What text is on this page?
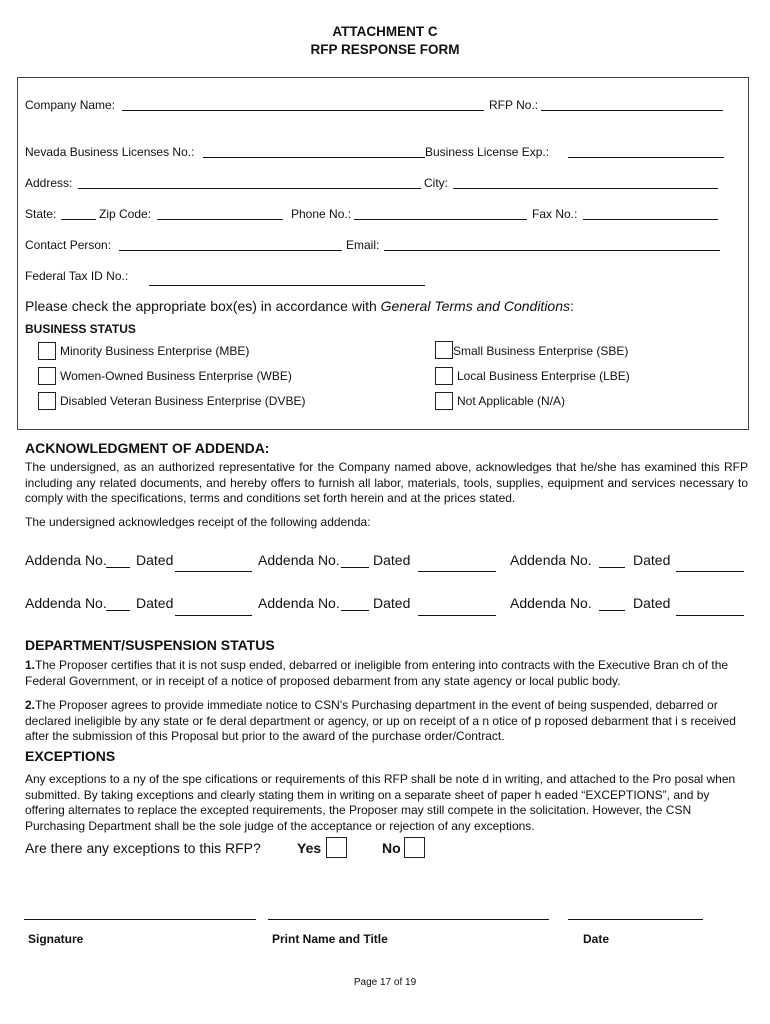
ATTACHMENT C
RFP RESPONSE FORM
Company Name:	RFP No.:
Nevada Business Licenses No.:	Business License Exp.:
Address:	City:
State:	Zip Code:	Phone No.:	Fax No.:
Contact Person:	Email:
Federal Tax ID No.:
Please check the appropriate box(es) in accordance with General Terms and Conditions:
BUSINESS STATUS
Minority Business Enterprise (MBE)	Small Business Enterprise (SBE)
Women-Owned Business Enterprise (WBE)	Local Business Enterprise (LBE)
Disabled Veteran Business Enterprise (DVBE)	Not Applicable (N/A)
ACKNOWLEDGMENT OF ADDENDA:
The undersigned, as an authorized representative for the Company named above, acknowledges that he/she has examined this RFP including any related documents, and hereby offers to furnish all labor, materials, tools, supplies, equipment and services necessary to comply with the specifications, terms and conditions set forth herein and at the prices stated.
The undersigned acknowledges receipt of the following addenda:
Addenda No. Dated	Addenda No. Dated	Addenda No.	Dated
Addenda No. Dated	Addenda No. Dated	Addenda No.	Dated
DEPARTMENT/SUSPENSION STATUS
1.The Proposer certifies that it is not susp ended, debarred or ineligible from entering into contracts with the Executive Bran ch of the Federal Government, or in receipt of a notice of proposed debarment from any state agency or local public body.
2.The Proposer agrees to provide immediate notice to CSN's Purchasing department in the event of being suspended, debarred or declared ineligible by any state or fe deral department or agency, or up on receipt of a n otice of p roposed debarment that i s received after the submission of this Proposal but prior to the award of the purchase order/Contract.
EXCEPTIONS
Any exceptions to a ny of the spe cifications or requirements of this RFP shall be note d in writing, and attached to the Pro posal when submitted. By taking exceptions and clearly stating them in writing on a separate sheet of paper h eaded “EXCEPTIONS”, and by offering alternates to replace the excepted requirements, the Proposer may still compete in the solicitation. However, the CSN Purchasing Department shall be the sole judge of the acceptance or rejection of any exceptions.
Are there any exceptions to this RFP?	Yes	No
Signature	Print Name and Title	Date
Page 17 of 19
